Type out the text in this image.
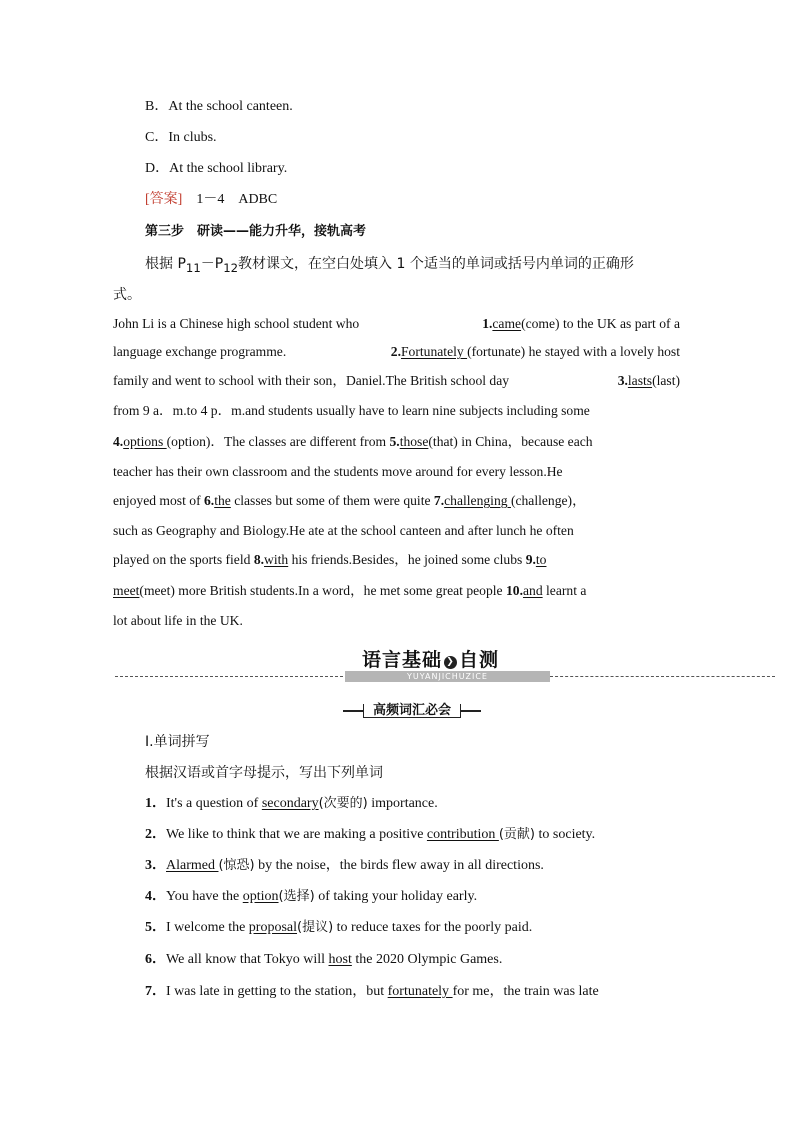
B．At the school canteen.
C．In clubs.
D．At the school library.
[答案]　 1－4　ADBC
第三步　研读——能力升华，接轨高考
根据 $P_{11}-P_{12}$教材课文，在空白处填入 1 个适当的单词或括号内单词的正确形
式。
John Li is a Chinese high school student who	1.came(come) to the UK as part of a
language exchange programme.	2.Fortunately (fortunate) he stayed with a lovely host
family and went to school with their son，Daniel.The British school day	3.lasts(last)
from 9 a．m.to 4 p．m.and students usually have to learn nine subjects including some
4.options (option)．The classes are different from 5.those(that) in China，because each
teacher has their own classroom and the students move around for every lesson.He
enjoyed most of 6.the classes but some of them were quite 7.challenging (challenge)，
such as Geography and Biology.He ate at the school canteen and after lunch he often
played on the sports field 8.with his friends.Besides，he joined some clubs 9.to
meet(meet) more British students.In a word，he met some great people 10.and learnt a
lot about life in the UK.
语言基础 ❯ 自测
YUYANJICHUZICE
高频词汇必会
Ⅰ.单词拼写
根据汉语或首字母提示，写出下列单词
1．It's a question of secondary(次要的) importance.
2．We like to think that we are making a positive contribution (贡献) to society.
3．Alarmed (惊恐) by the noise，the birds flew away in all directions.
4．You have the option(选择) of taking your holiday early.
5．I welcome the proposal(提议) to reduce taxes for the poorly paid.
6．We all know that Tokyo will host the 2020 Olympic Games.
7．I was late in getting to the station，but fortunately for me，the train was late
